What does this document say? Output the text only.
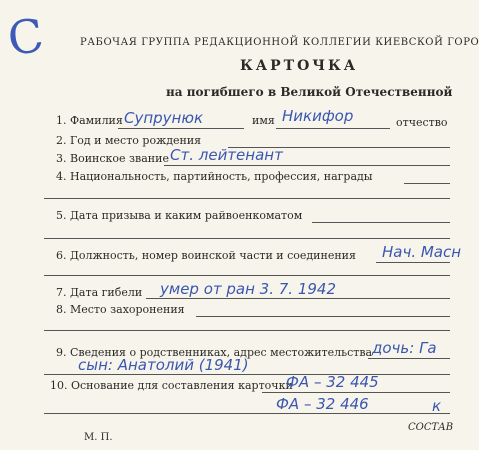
С	РАБОЧАЯ ГРУППА РЕДАКЦИОННОЙ КОЛЛЕГИИ КИЕВСКОЙ ГОРО
КАРТОЧКА
на погибшего в Великой Отечественной
1. Фамилия Супрунюк	имя Никифор	отчество
2. Год и место рождения
3. Воинское звание Ст. лейтенант
4. Национальность, партийность, профессия, награды
5. Дата призыва и каким райвоенкоматом
6. Должность, номер воинской части и соединения Нач. Масн
7. Дата гибели умер от ран 3. 7. 1942
8. Место захоронения
9. Сведения о родственниках, адрес местожительства дочь: Га
сын: Анатолий (1941)
10. Основание для составления карточки
ФА – 32 445
ФА – 32 446	к
М. П.
СОСТАВ
